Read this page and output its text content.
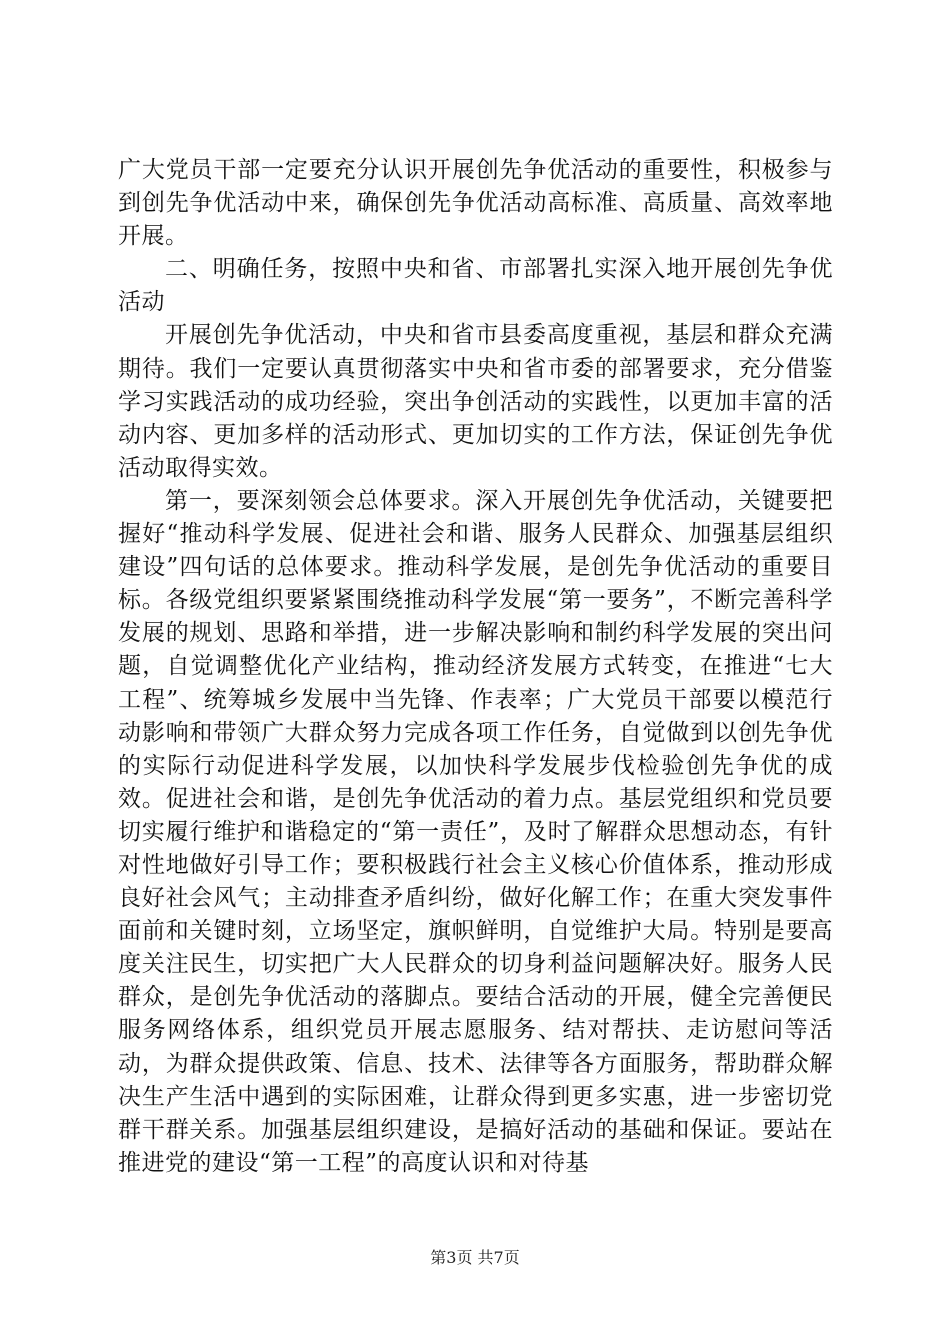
广大党员干部一定要充分认识开展创先争优活动的重要性，积极参与到创先争优活动中来，确保创先争优活动高标准、高质量、高效率地开展。

二、明确任务，按照中央和省、市部署扎实深入地开展创先争优活动

开展创先争优活动，中央和省市县委高度重视，基层和群众充满期待。我们一定要认真贯彻落实中央和省市委的部署要求，充分借鉴学习实践活动的成功经验，突出争创活动的实践性，以更加丰富的活动内容、更加多样的活动形式、更加切实的工作方法，保证创先争优活动取得实效。

第一，要深刻领会总体要求。深入开展创先争优活动，关键要把握好“推动科学发展、促进社会和谐、服务人民群众、加强基层组织建设”四句话的总体要求。推动科学发展，是创先争优活动的重要目标。各级党组织要紧紧围绕推动科学发展“第一要务”，不断完善科学发展的规划、思路和举措，进一步解决影响和制约科学发展的突出问题，自觉调整优化产业结构，推动经济发展方式转变，在推进“七大工程”、统筹城乡发展中当先锋、作表率；广大党员干部要以模范行动影响和带领广大群众努力完成各项工作任务，自觉做到以创先争优的实际行动促进科学发展，以加快科学发展步伐检验创先争优的成效。促进社会和谐，是创先争优活动的着力点。基层党组织和党员要切实履行维护和谐稳定的“第一责任”，及时了解群众思想动态，有针对性地做好引导工作；要积极践行社会主义核心价值体系，推动形成良好社会风气；主动排查矛盾纠纷，做好化解工作；在重大突发事件面前和关键时刻，立场坚定，旗帜鲜明，自觉维护大局。特别是要高度关注民生，切实把广大人民群众的切身利益问题解决好。服务人民群众，是创先争优活动的落脚点。要结合活动的开展，健全完善便民服务网络体系，组织党员开展志愿服务、结对帮扶、走访慰问等活动，为群众提供政策、信息、技术、法律等各方面服务，帮助群众解决生产生活中遇到的实际困难，让群众得到更多实惠，进一步密切党群干群关系。加强基层组织建设，是搞好活动的基础和保证。要站在推进党的建设“第一工程”的高度认识和对待基

第3页 共7页
